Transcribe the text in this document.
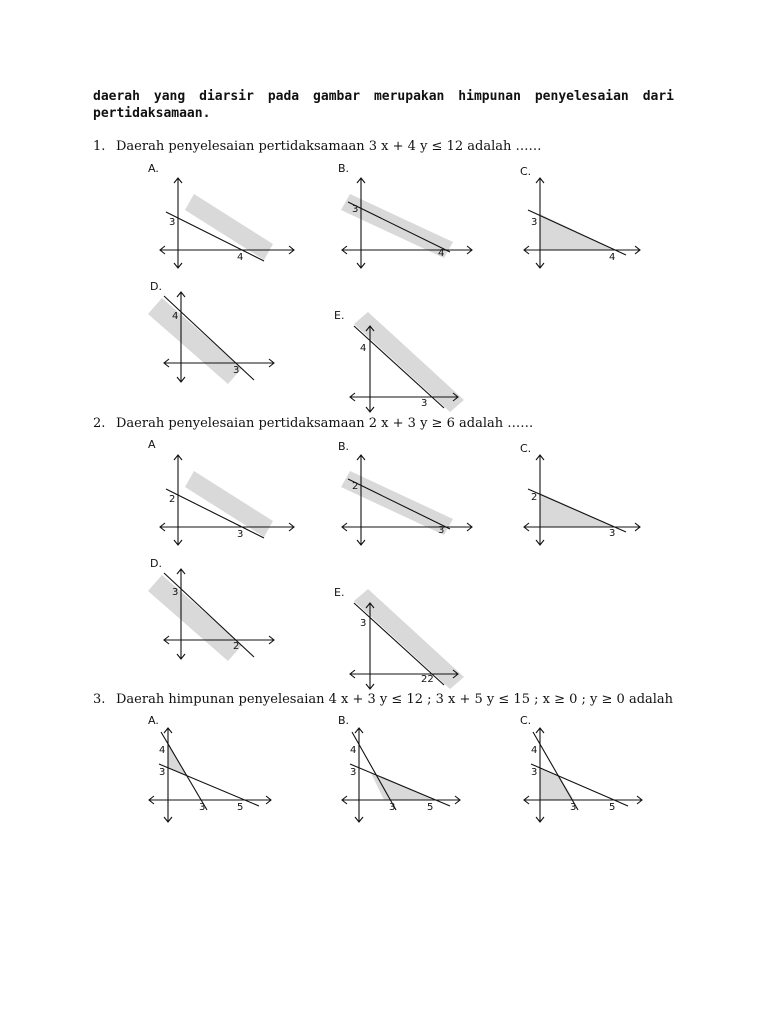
daerah yang diarsir pada gambar merupakan himpunan penyelesaian dari pertidaksamaan.
1. Daerah penyelesaian pertidaksamaan 3 x + 4 y ≤ 12 adalah ……
A.
3
4
B.
3
4
C.
3
4
D.
4
3
E.
4
3
2. Daerah penyelesaian pertidaksamaan 2 x + 3 y ≥ 6 adalah ……
A
2
3
B.
2
3
C.
2
3
D.
3
2
E.
3
22
3. Daerah himpunan penyelesaian 4 x + 3 y ≤ 12 ; 3 x + 5 y ≤ 15 ; x ≥ 0 ; y ≥ 0 adalah
A.
4
3
3	5
B.
4
3
3	5
C.
4
3
3	5
